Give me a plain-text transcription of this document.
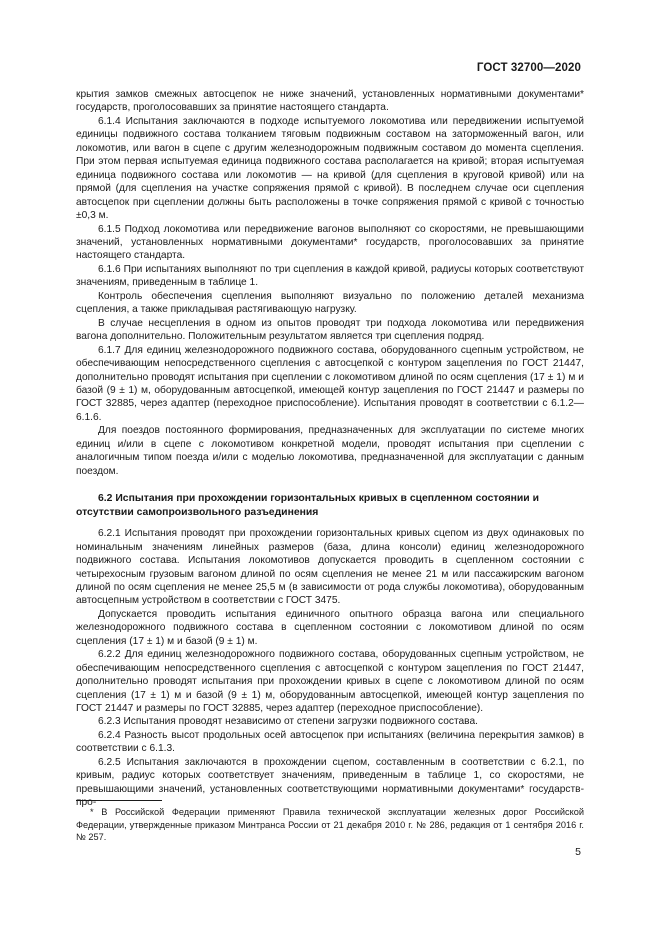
ГОСТ 32700—2020

крытия замков смежных автосцепок не ниже значений, установленных нормативными документами* государств, проголосовавших за принятие настоящего стандарта.

6.1.4 Испытания заключаются в подходе испытуемого локомотива или передвижении испытуемой единицы подвижного состава толканием тяговым подвижным составом на заторможенный вагон, или локомотив, или вагон в сцепе с другим железнодорожным подвижным составом до момента сцепления. При этом первая испытуемая единица подвижного состава располагается на кривой; вторая испытуемая единица подвижного состава или локомотив — на кривой (для сцепления в круговой кривой) или на прямой (для сцепления на участке сопряжения прямой с кривой). В последнем случае оси сцепления автосцепок при сцеплении должны быть расположены в точке сопряжения прямой с кривой с точностью ±0,3 м.

6.1.5 Подход локомотива или передвижение вагонов выполняют со скоростями, не превышающими значений, установленных нормативными документами* государств, проголосовавших за принятие настоящего стандарта.

6.1.6 При испытаниях выполняют по три сцепления в каждой кривой, радиусы которых соответствуют значениям, приведенным в таблице 1.

Контроль обеспечения сцепления выполняют визуально по положению деталей механизма сцепления, а также прикладывая растягивающую нагрузку.

В случае несцепления в одном из опытов проводят три подхода локомотива или передвижения вагона дополнительно. Положительным результатом является три сцепления подряд.

6.1.7 Для единиц железнодорожного подвижного состава, оборудованного сцепным устройством, не обеспечивающим непосредственного сцепления с автосцепкой с контуром зацепления по ГОСТ 21447, дополнительно проводят испытания при сцеплении с локомотивом длиной по осям сцепления (17 ± 1) м и базой (9 ± 1) м, оборудованным автосцепкой, имеющей контур зацепления по ГОСТ 21447 и размеры по ГОСТ 32885, через адаптер (переходное приспособление). Испытания проводят в соответствии с 6.1.2—6.1.6.

Для поездов постоянного формирования, предназначенных для эксплуатации по системе многих единиц и/или в сцепе с локомотивом конкретной модели, проводят испытания при сцеплении с аналогичным типом поезда и/или с моделью локомотива, предназначенной для эксплуатации с данным поездом.

6.2 Испытания при прохождении горизонтальных кривых в сцепленном состоянии и отсутствии самопроизвольного разъединения

6.2.1 Испытания проводят при прохождении горизонтальных кривых сцепом из двух одинаковых по номинальным значениям линейных размеров (база, длина консоли) единиц железнодорожного подвижного состава. Испытания локомотивов допускается проводить в сцепленном состоянии с четырехосным грузовым вагоном длиной по осям сцепления не менее 21 м или пассажирским вагоном длиной по осям сцепления не менее 25,5 м (в зависимости от рода службы локомотива), оборудованным автосцепным устройством в соответствии с ГОСТ 3475.

Допускается проводить испытания единичного опытного образца вагона или специального железнодорожного подвижного состава в сцепленном состоянии с локомотивом длиной по осям сцепления (17 ± 1) м и базой (9 ± 1) м.

6.2.2 Для единиц железнодорожного подвижного состава, оборудованных сцепным устройством, не обеспечивающим непосредственного сцепления с автосцепкой с контуром зацепления по ГОСТ 21447, дополнительно проводят испытания при прохождении кривых в сцепе с локомотивом длиной по осям сцепления (17 ± 1) м и базой (9 ± 1) м, оборудованным автосцепкой, имеющей контур зацепления по ГОСТ 21447 и размеры по ГОСТ 32885, через адаптер (переходное приспособление).

6.2.3 Испытания проводят независимо от степени загрузки подвижного состава.

6.2.4 Разность высот продольных осей автосцепок при испытаниях (величина перекрытия замков) в соответствии с 6.1.3.

6.2.5 Испытания заключаются в прохождении сцепом, составленным в соответствии с 6.2.1, по кривым, радиус которых соответствует значениям, приведенным в таблице 1, со скоростями, не превышающими значений, установленных соответствующими нормативными документами* государств- про-

* В Российской Федерации применяют Правила технической эксплуатации железных дорог Российской Федерации, утвержденные приказом Минтранса России от 21 декабря 2010 г. № 286, редакция от 1 сентября 2016 г. № 257.
5
